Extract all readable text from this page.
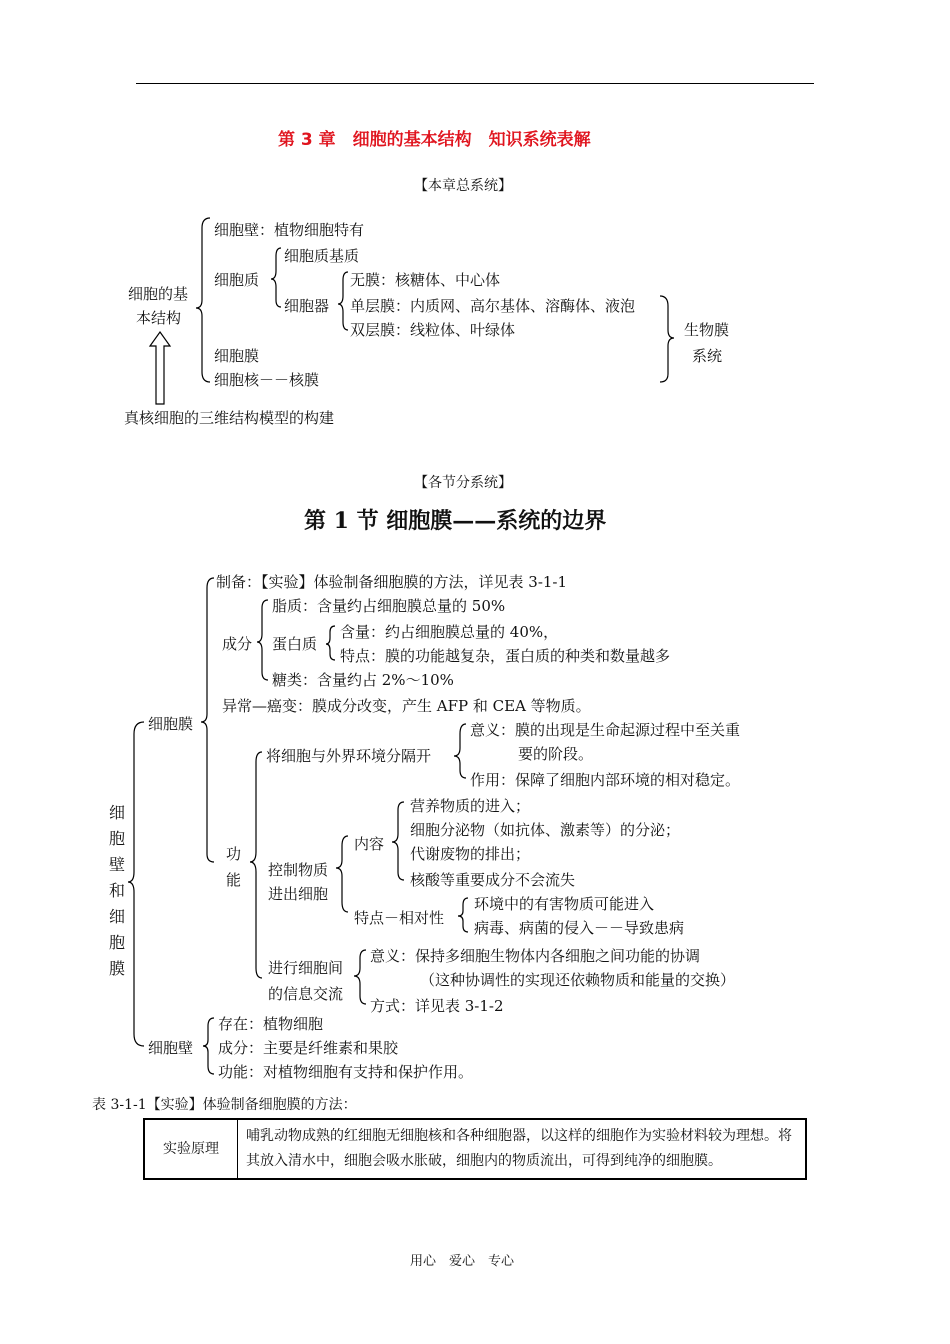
第 3 章　细胞的基本结构　知识系统表解
【本章总系统】
细胞的基
本结构
细胞壁：植物细胞特有
细胞质
细胞质基质
细胞器
无膜：核糖体、中心体
单层膜：内质网、高尔基体、溶酶体、液泡
双层膜：线粒体、叶绿体
细胞膜
细胞核－－核膜
生物膜
系统
真核细胞的三维结构模型的构建
【各节分系统】
第 1 节 细胞膜——系统的边界
细
胞
壁
和
细
胞
膜
细胞膜
制备：【实验】体验制备细胞膜的方法，详见表 3-1-1
成分
脂质：含量约占细胞膜总量的 50%
蛋白质
含量：约占细胞膜总量的 40%，
特点：膜的功能越复杂，蛋白质的种类和数量越多
糖类：含量约占 2%～10%
异常—癌变：膜成分改变，产生 AFP 和 CEA 等物质。
功
能
将细胞与外界环境分隔开
意义：膜的出现是生命起源过程中至关重
要的阶段。
作用：保障了细胞内部环境的相对稳定。
控制物质
进出细胞
内容
营养物质的进入；
细胞分泌物（如抗体、激素等）的分泌；
代谢废物的排出；
核酸等重要成分不会流失
特点－相对性
环境中的有害物质可能进入
病毒、病菌的侵入－－导致患病
进行细胞间
的信息交流
意义：保持多细胞生物体内各细胞之间功能的协调
（这种协调性的实现还依赖物质和能量的交换）
方式：详见表 3-1-2
细胞壁
存在：植物细胞
成分：主要是纤维素和果胶
功能：对植物细胞有支持和保护作用。
表 3-1-1【实验】体验制备细胞膜的方法：
实验原理	哺乳动物成熟的红细胞无细胞核和各种细胞器，以这样的细胞作为实验材料较为理想。将其放入清水中，细胞会吸水胀破，细胞内的物质流出，可得到纯净的细胞膜。
用心　爱心　专心
